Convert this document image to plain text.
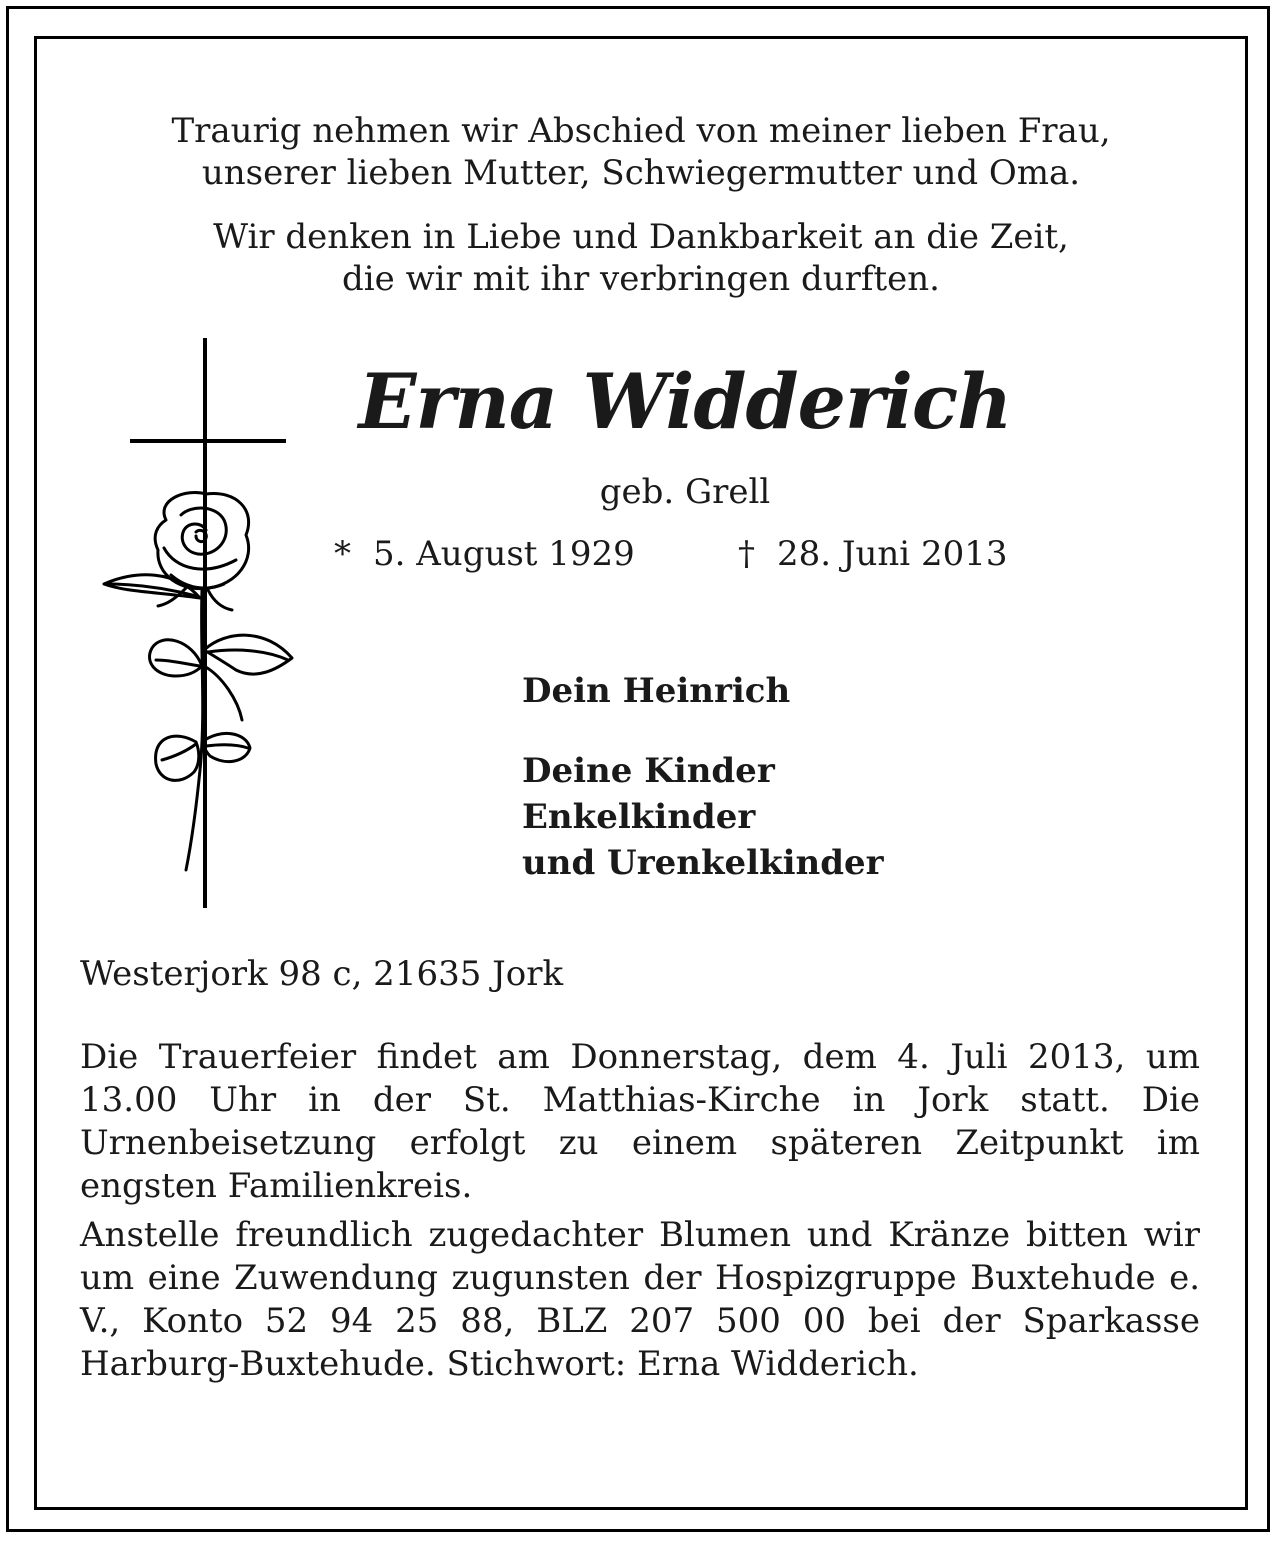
Traurig nehmen wir Abschied von meiner lieben Frau,
unserer lieben Mutter, Schwiegermutter und Oma.

Wir denken in Liebe und Dankbarkeit an die Zeit,
die wir mit ihr verbringen durften.

Erna Widderich

geb. Grell

* 5. August 1929	† 28. Juni 2013

Dein Heinrich

Deine Kinder
Enkelkinder
und Urenkelkinder

Westerjork 98 c, 21635 Jork

Die Trauerfeier findet am Donnerstag, dem 4. Juli 2013, um 13.00 Uhr in der St. Matthias-Kirche in Jork statt. Die Urnenbeisetzung erfolgt zu einem späteren Zeitpunkt im engsten Familienkreis.

Anstelle freundlich zugedachter Blumen und Kränze bitten wir um eine Zuwendung zugunsten der Hospizgruppe Buxtehude e. V., Konto 52 94 25 88, BLZ 207 500 00 bei der Sparkasse Harburg-Buxtehude. Stichwort: Erna Widderich.
